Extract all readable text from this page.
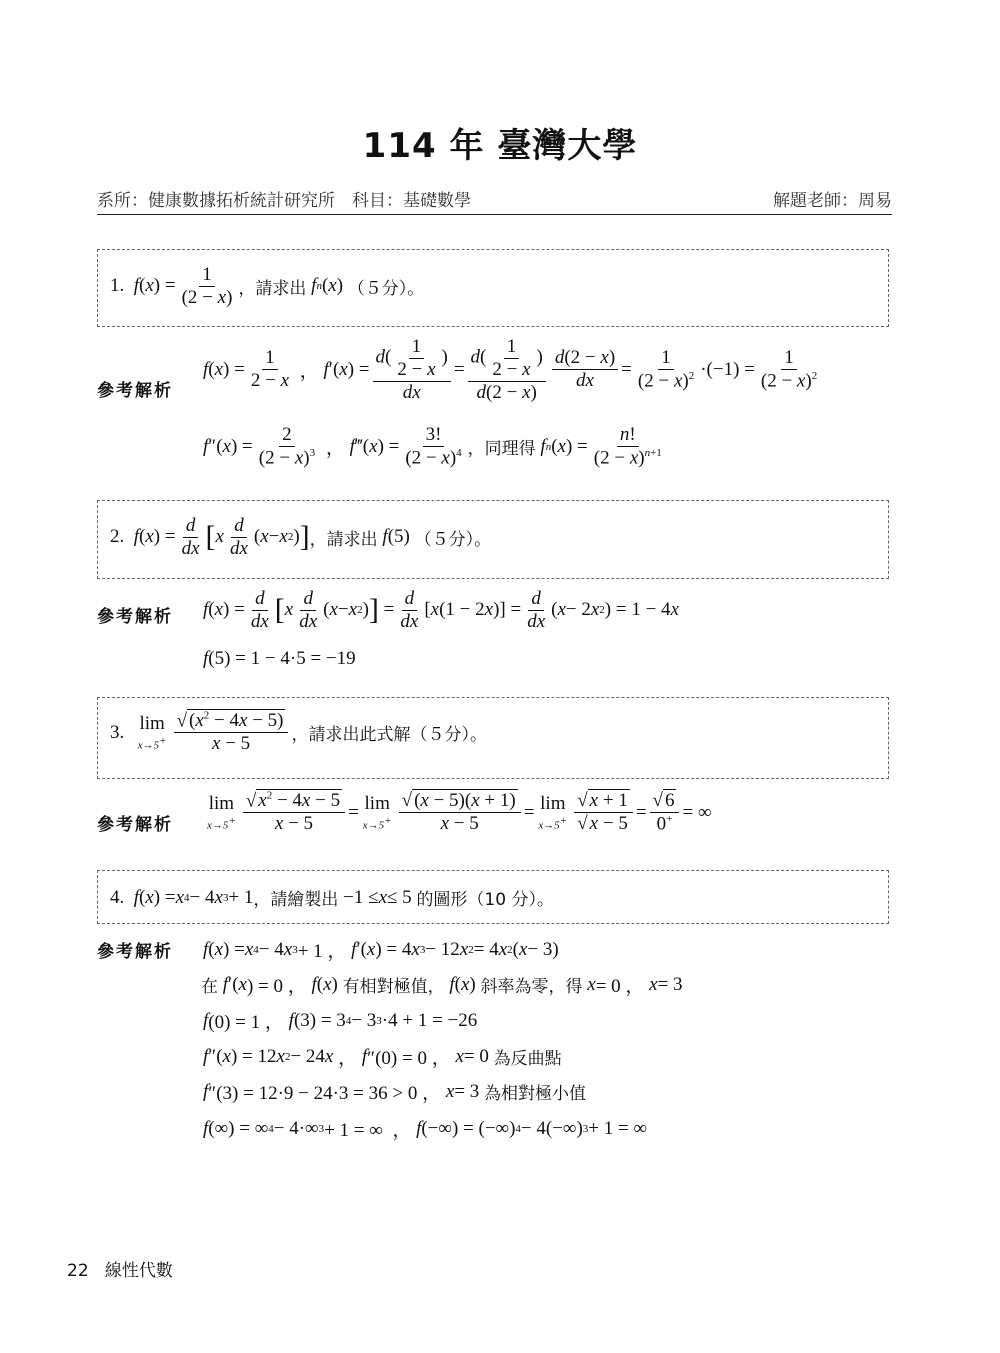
114 年 臺灣大學
系所：健康數據拓析統計研究所　科目：基礎數學	解題老師：周易
1.
f ( x ) = $\frac{1}{(2 - x)}$ ，請求出
f n ( x ) （５分）。
參考解析
f ( x ) = $\frac{1}{2 - x}$ ， f ′( x ) = $\frac{d( \frac{1}{2 - x} )}{dx} = \frac{d( \frac{1}{2 - x} )}{d(2 - x)} \frac{d(2 - x)}{dx} = \frac{1}{(2 - x)^2} \cdot(-1) = \frac{1}{(2 - x)^2}$
f ″( x ) = $\frac{2}{(2 - x)^3}$ ， f ‴( x ) = $\frac{3!}{(2 - x)^4}$ ，同理得
f n ( x ) = $\frac{n!}{(2 - x)^{n+1}}$
2.
f ( x ) = $\frac{d}{dx}$ [ x $\frac{d}{dx}$ ( x − x 2 ) ] ，請求出
f (5) （５分）。
參考解析 f ( x ) = $\frac{d}{dx}$ [ x $\frac{d}{dx}$ ( x − x 2 ) ] = $\frac{d}{dx}$ [ x (1 − 2 x )] = $\frac{d}{dx}$ ( x − 2 x 2 ) = 1 − 4 x
f (5) = 1 − 4·5 = −19
3.
lim
$x\to 5^+ \frac{√ (x^2 - 4x - 5)}{x - 5}$ ，請求出此式解（５分）。
參考解析
lim
$x\to 5^+ \frac{√ x^2 - 4x - 5}{x - 5} = \lim$
$x\to 5^+ \frac{√ (x - 5)(x + 1)}{x - 5} = \lim$
$x\to 5^+ \frac{√ x + 1}{√ x - 5} = \frac{√ 6}{0^+}$ = ∞
4.
f ( x ) = x 4 − 4 x 3 + 1 ，請繪製出 −1 ≤ x ≤ 5 的圖形（10 分）。
參考解析 f ( x ) = x 4 − 4 x 3 + 1 ， f ′( x ) = 4 x 3 − 12 x 2 = 4 x 2 ( x − 3)
在
f ′( x ) = 0 ， f ( x ) 有相對極值，
f ( x ) 斜率為零，得
x = 0 ， x = 3
f (0) = 1 ， f (3) = 3 4 − 3 3 ·4 + 1 = −26
f ″( x ) = 12 x 2 − 24 x ， f ″(0) = 0 ， x = 0 為反曲點
f ″(3) = 12·9 − 24·3 = 36 > 0 ， x = 3 為相對極小值
f (∞) = ∞ 4 − 4·∞ 3 + 1 = ∞  ， f (−∞) = (−∞) 4 − 4(−∞) 3 + 1 = ∞
22 線性代數
